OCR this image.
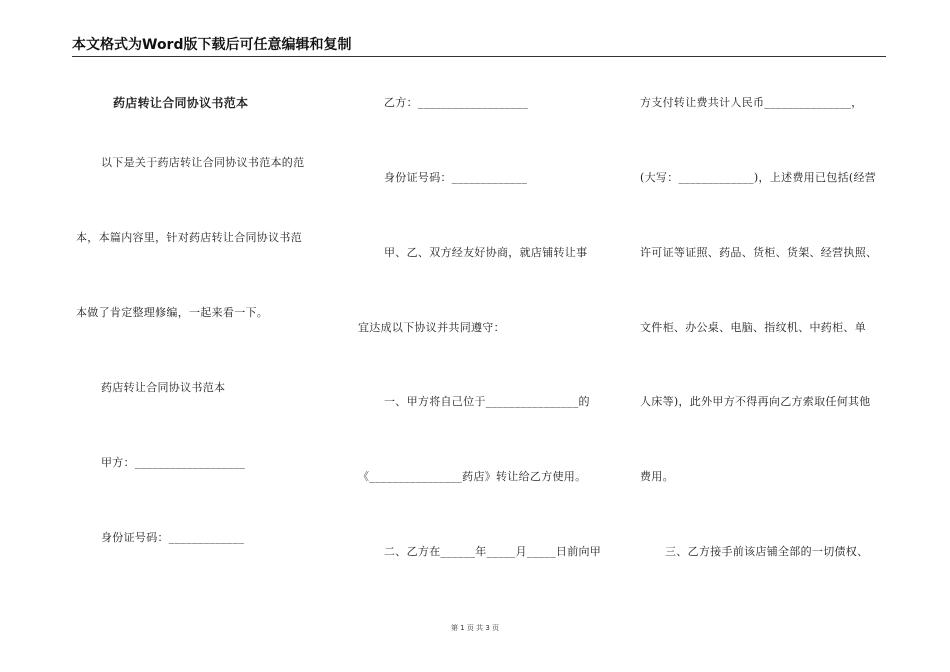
本文格式为Word版下载后可任意编辑和复制
药店转让合同协议书范本
以下是关于药店转让合同协议书范本的范
本，本篇内容里，针对药店转让合同协议书范
本做了肯定整理修编，一起来看一下。
药店转让合同协议书范本
甲方：___________________
身份证号码：_____________
乙方：___________________
身份证号码：_____________
甲、乙、双方经友好协商，就店铺转让事
宜达成以下协议并共同遵守：
一、甲方将自己位于________________的
《________________药店》转让给乙方使用。
二、乙方在______年_____月_____日前向甲
方支付转让费共计人民币_______________，
(大写：_____________)，上述费用已包括(经营
许可证等证照、药品、货柜、货架、经营执照、
文件柜、办公桌、电脑、指纹机、中药柜、单
人床等)，此外甲方不得再向乙方索取任何其他
费用。
三、乙方接手前该店铺全部的一切债权、
第 1 页 共 3 页
